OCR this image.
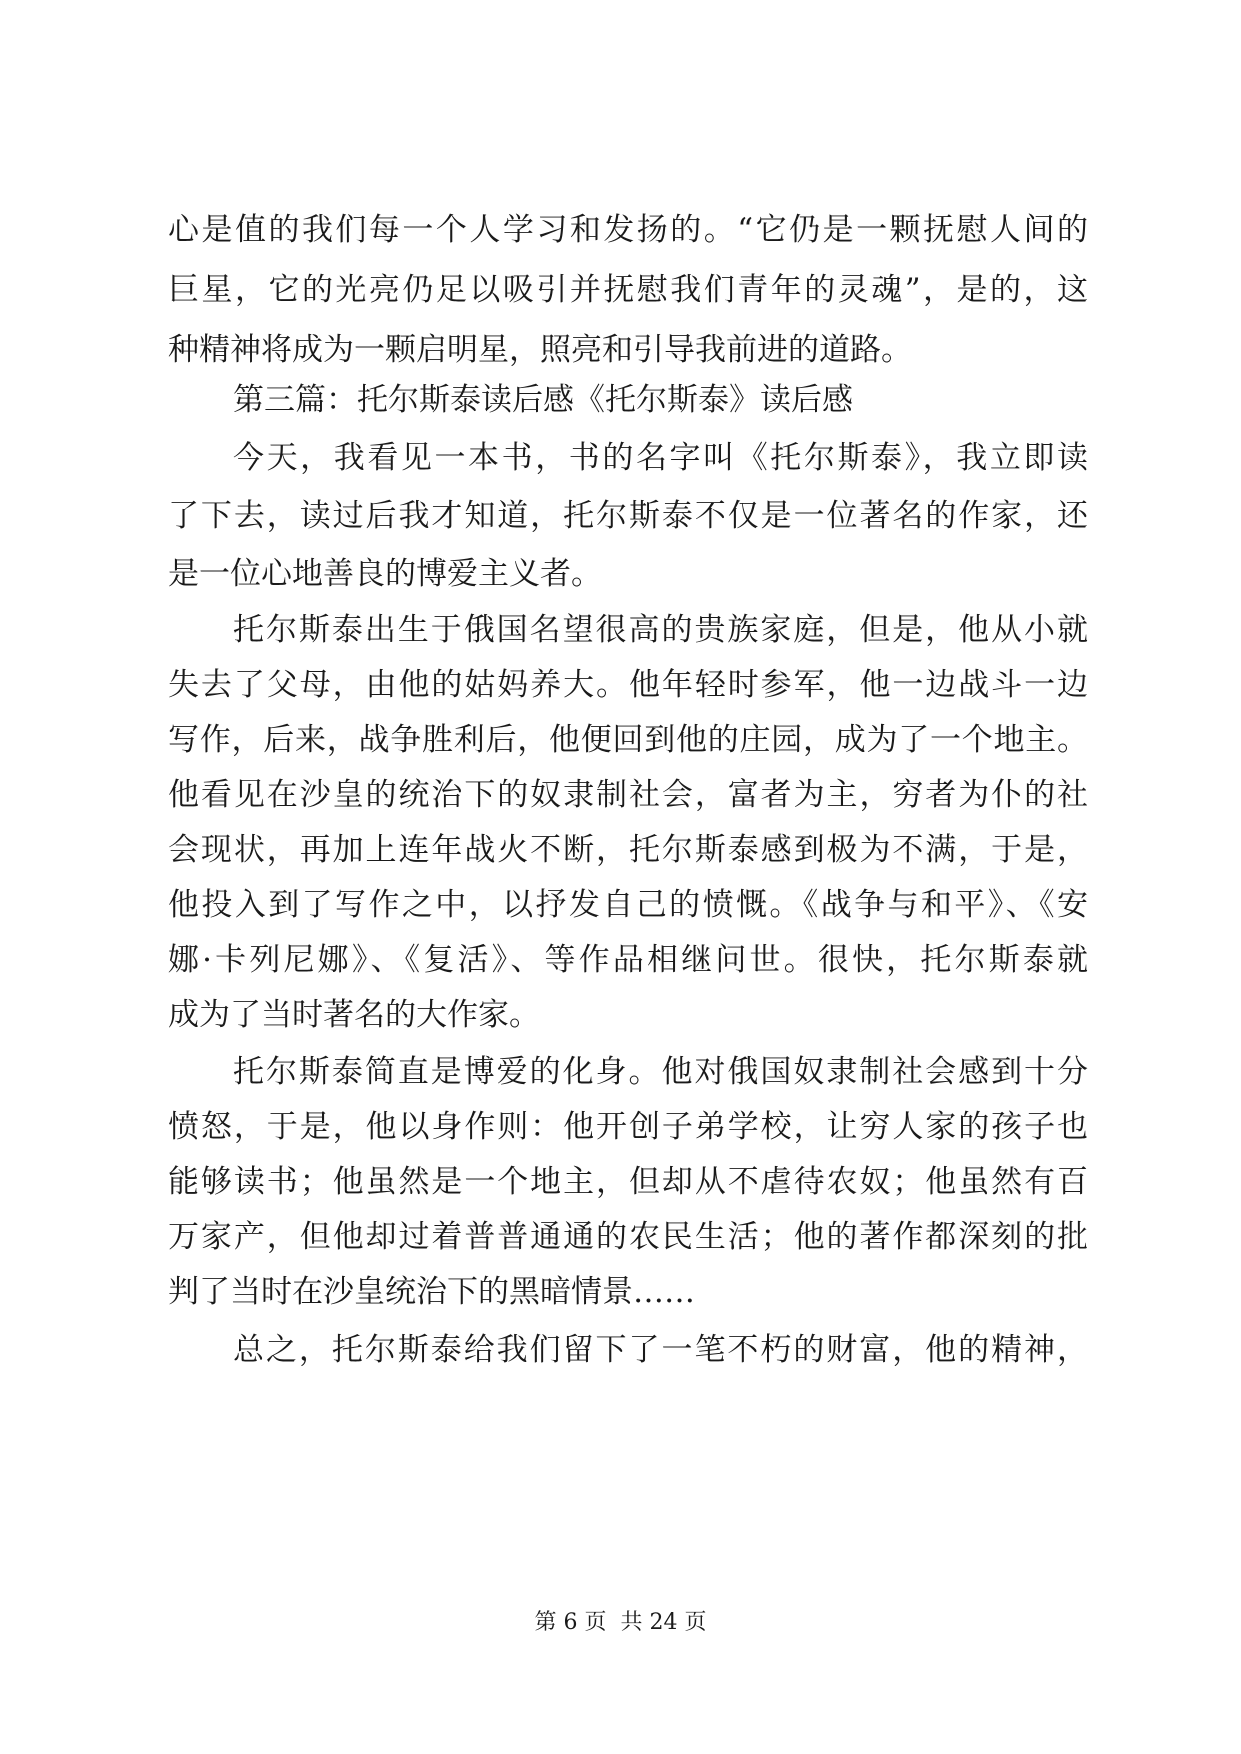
心是值的我们每一个人学习和发扬的。“它仍是一颗抚慰人间的
巨星，它的光亮仍足以吸引并抚慰我们青年的灵魂”，是的，这
种精神将成为一颗启明星，照亮和引导我前进的道路。
第三篇：托尔斯泰读后感《托尔斯泰》读后感
今天，我看见一本书，书的名字叫《托尔斯泰》，我立即读
了下去，读过后我才知道，托尔斯泰不仅是一位著名的作家，还
是一位心地善良的博爱主义者。
托尔斯泰出生于俄国名望很高的贵族家庭，但是，他从小就
失去了父母，由他的姑妈养大。他年轻时参军，他一边战斗一边
写作，后来，战争胜利后，他便回到他的庄园，成为了一个地主。
他看见在沙皇的统治下的奴隶制社会，富者为主，穷者为仆的社
会现状，再加上连年战火不断，托尔斯泰感到极为不满，于是，
他投入到了写作之中，以抒发自己的愤慨。《战争与和平》、《安
娜·卡列尼娜》、《复活》、等作品相继问世。很快，托尔斯泰就
成为了当时著名的大作家。
托尔斯泰简直是博爱的化身。他对俄国奴隶制社会感到十分
愤怒，于是，他以身作则：他开创子弟学校，让穷人家的孩子也
能够读书；他虽然是一个地主，但却从不虐待农奴；他虽然有百
万家产，但他却过着普普通通的农民生活；他的著作都深刻的批
判了当时在沙皇统治下的黑暗情景……
总之，托尔斯泰给我们留下了一笔不朽的财富，他的精神，
第 6 页  共 24 页
